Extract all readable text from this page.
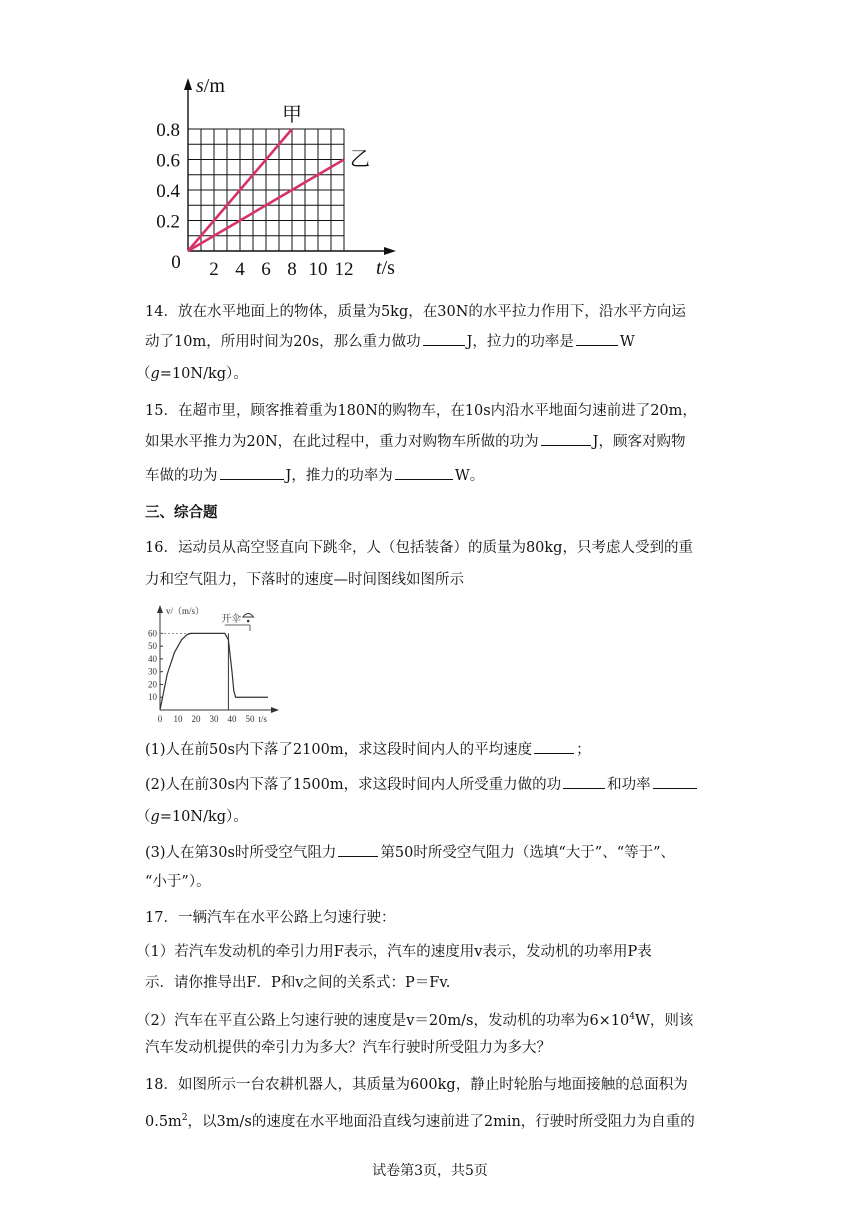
甲
乙
0.2
0.4
0.6
0.8
2 4 6 8 10 12
0
s/m
t/s
10
20
30
40
50
60
0 10 20 30 40 50 t/s
v/（m/s）
开伞
14．放在水平地面上的物体，质量为5kg，在30N的水平拉力作用下，沿水平方向运
动了10m，所用时间为20s，那么重力做功	J，拉力的功率是	W
（g=10N/kg）。
15．在超市里，顾客推着重为180N的购物车，在10s内沿水平地面匀速前进了20m，
如果水平推力为20N，在此过程中，重力对购物车所做的功为	J，顾客对购物
车做的功为	J，推力的功率为	W。
三、综合题
16．运动员从高空竖直向下跳伞，人（包括装备）的质量为80kg，只考虑人受到的重
力和空气阻力，下落时的速度—时间图线如图所示
(1)人在前50s内下落了2100m，求这段时间内人的平均速度	；
(2)人在前30s内下落了1500m，求这段时间内人所受重力做的功	和功率
（g=10N/kg）。
(3)人在第30s时所受空气阻力	第50时所受空气阻力（选填“大于”、“等于”、
“小于”）。
17．一辆汽车在水平公路上匀速行驶：
（1）若汽车发动机的牵引力用F表示，汽车的速度用v表示，发动机的功率用P表
示．请你推导出F．P和v之间的关系式：P＝Fv.
（2）汽车在平直公路上匀速行驶的速度是v＝20m/s，发动机的功率为$6\times 10^4W$，则该
汽车发动机提供的牵引力为多大？汽车行驶时所受阻力为多大？
18．如图所示一台农耕机器人，其质量为600kg，静止时轮胎与地面接触的总面积为
$0.5m^2$，以3m/s的速度在水平地面沿直线匀速前进了2min，行驶时所受阻力为自重的
试卷第3页，共5页
